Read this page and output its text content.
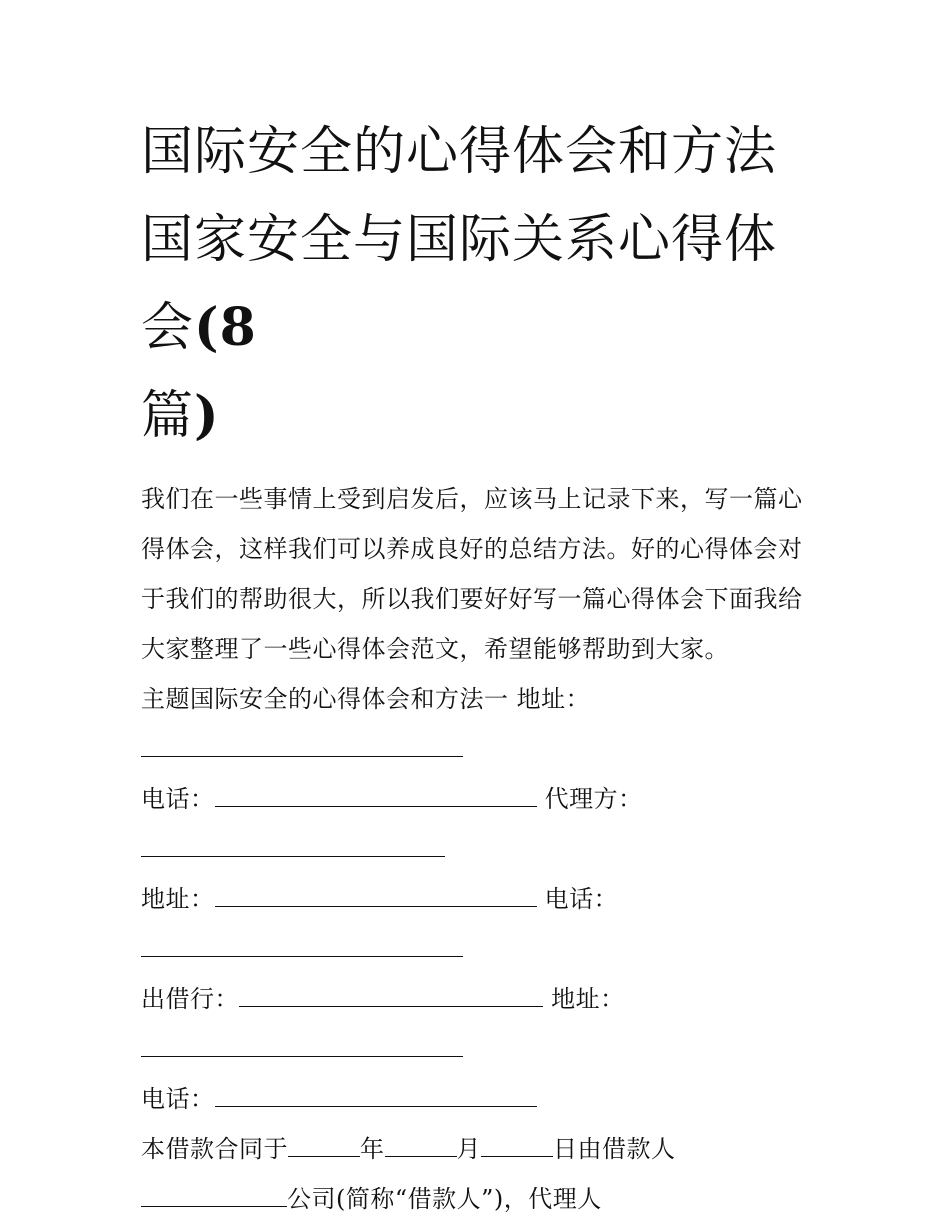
国际安全的心得体会和方法 国家安全与国际关系心得体会(8
篇)
我们在一些事情上受到启发后，应该马上记录下来，写一篇心
得体会，这样我们可以养成良好的总结方法。好的心得体会对
于我们的帮助很大，所以我们要好好写一篇心得体会下面我给
大家整理了一些心得体会范文，希望能够帮助到大家。
主题国际安全的心得体会和方法一 地址：
电话：	代理方：
地址：	电话：
出借行：	地址：
电话：
本借款合同于	年	月	日由借款人
公司(简称“借款人”)，代理人
